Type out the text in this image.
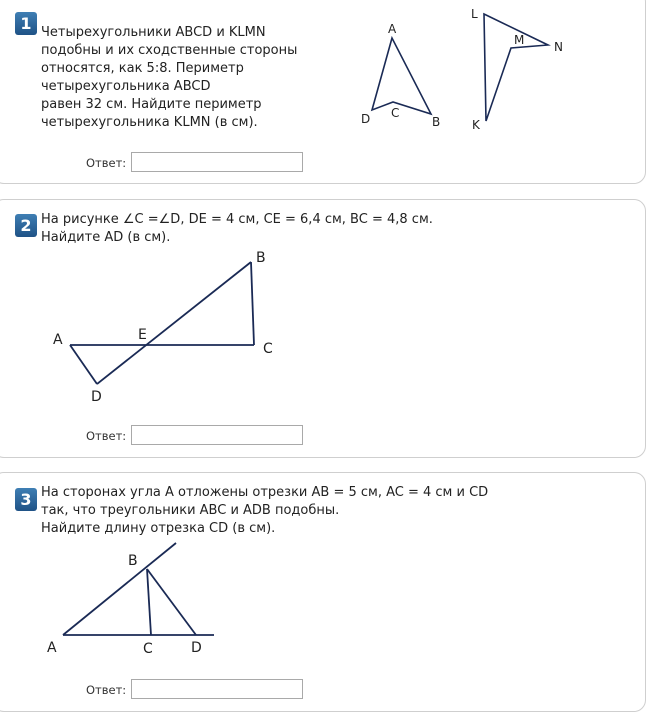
1 Четырехугольники ABCD и KLMN
подобны и их сходственные стороны
относятся, как 5:8. Периметр
четырехугольника ABCD
равен 32 см. Найдите периметр
четырехугольника KLMN (в см).

A
D C
B
L
M N
K
Ответ:
2 На рисунке ∠C =∠D, DE = 4 см, CE = 6,4 см, BC = 4,8 см.
Найдите AD (в см).

A	E
B
C
D
Ответ:
3 На сторонах угла A отложены отрезки AB = 5 см, AC = 4 см и CD
так, что треугольники ABC и ADB подобны.
Найдите длину отрезка CD (в см).

B
A	C	D
Ответ:
